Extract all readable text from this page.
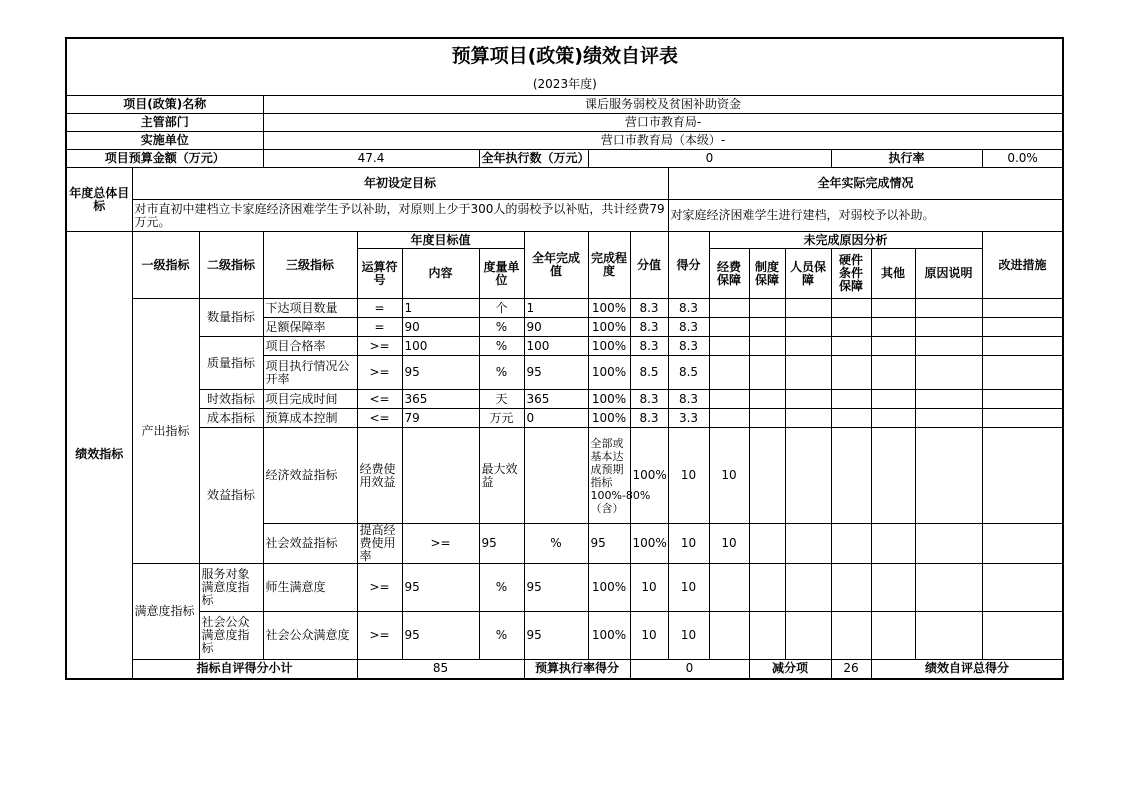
预算项目(政策)绩效自评表																		
(2023年度)																		
项目(政策)名称			课后服务弱校及贫困补助资金															
主管部门			营口市教育局-															
实施单位			营口市教育局（本级）-															
项目预算金额（万元）			47.4			全年执行数（万元）		0						执行率			0.0%	
年度总体目标	年初设定目标									全年实际完成情况								
	对市直初中建档立卡家庭经济困难学生予以补助，对原则上少于300人的弱校予以补贴，共计经费79万元。									对家庭经济困难学生进行建档，对弱校予以补助。								
绩效指标	一级指标	二级指标	三级指标	年度目标值			全年完成值	完成程度	分值	得分	未完成原因分析						改进措施	
				运算符号	内容	度量单位					经费保障	制度保障	人员保障	硬件条件保障	其他	原因说明		
	产出指标	数量指标	下达项目数量	=	1	个	1	100%	8.3	8.3								
			足额保障率	=	90	%	90	100%	8.3	8.3								
		质量指标	项目合格率	>=	100	%	100	100%	8.3	8.3								
			项目执行情况公开率	>=	95	%	95	100%	8.5	8.5								
		时效指标	项目完成时间	<=	365	天	365	100%	8.3	8.3								
		成本指标	预算成本控制	<=	79	万元	0	100%	8.3	3.3								
		效益指标	经济效益指标	经费使用效益		最大效益		全部或基本达成预期指标100%-80%（含）	100%	10	10							
			社会效益指标	提高经费使用率	>=	95	%	95	100%	10	10							
	满意度指标	服务对象满意度指标	师生满意度	>=	95	%	95	100%	10	10								
		社会公众满意度指标	社会公众满意度	>=	95	%	95	100%	10	10								
	指标自评得分小计			85			预算执行率得分		0			减分项		26	绩效自评总得分	
